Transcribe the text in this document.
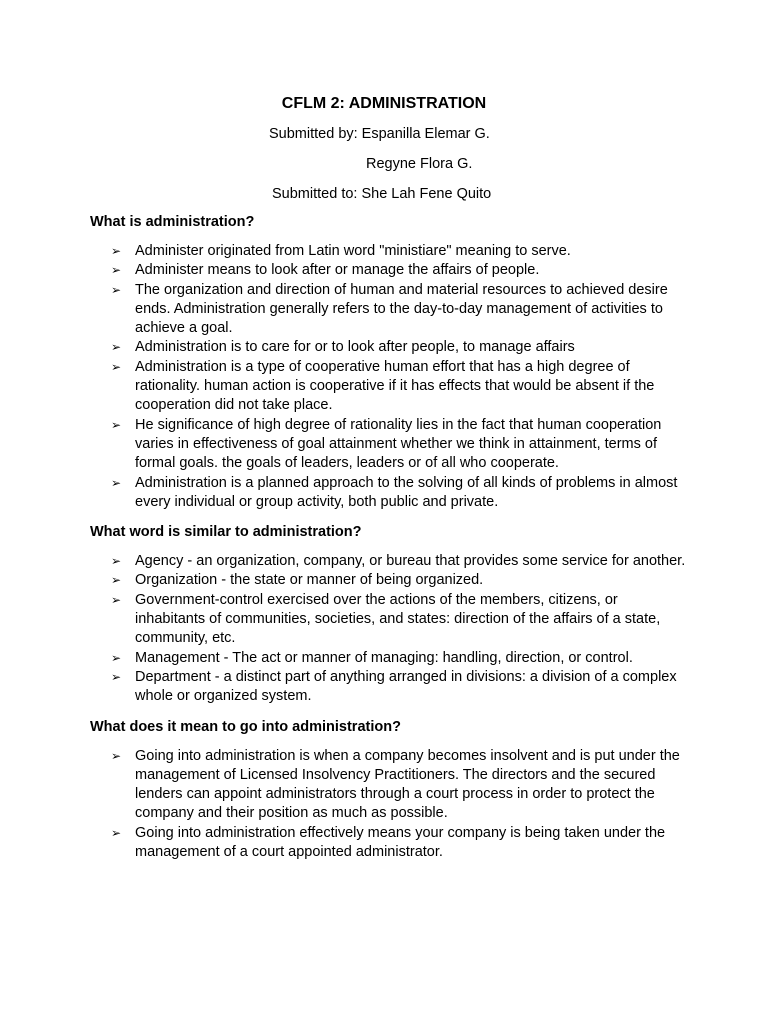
CFLM 2: ADMINISTRATION
Submitted by: Espanilla Elemar G.
Regyne Flora G.
Submitted to: She Lah Fene Quito
What is administration?
➢ Administer originated from Latin word "ministiare" meaning to serve.
➢ Administer means to look after or manage the affairs of people.
➢ The organization and direction of human and material resources to achieved desire ends. Administration generally refers to the day-to-day management of activities to achieve a goal.
➢ Administration is to care for or to look after people, to manage affairs
➢ Administration is a type of cooperative human effort that has a high degree of rationality. human action is cooperative if it has effects that would be absent if the cooperation did not take place.
➢ He significance of high degree of rationality lies in the fact that human cooperation varies in effectiveness of goal attainment whether we think in attainment, terms of formal goals. the goals of leaders, leaders or of all who cooperate.
➢ Administration is a planned approach to the solving of all kinds of problems in almost every individual or group activity, both public and private.
What word is similar to administration?
➢ Agency - an organization, company, or bureau that provides some service for another.
➢ Organization - the state or manner of being organized.
➢ Government-control exercised over the actions of the members, citizens, or inhabitants of communities, societies, and states: direction of the affairs of a state, community, etc.
➢ Management - The act or manner of managing: handling, direction, or control.
➢ Department - a distinct part of anything arranged in divisions: a division of a complex whole or organized system.
What does it mean to go into administration?
➢ Going into administration is when a company becomes insolvent and is put under the management of Licensed Insolvency Practitioners. The directors and the secured lenders can appoint administrators through a court process in order to protect the company and their position as much as possible.
➢ Going into administration effectively means your company is being taken under the management of a court appointed administrator.
